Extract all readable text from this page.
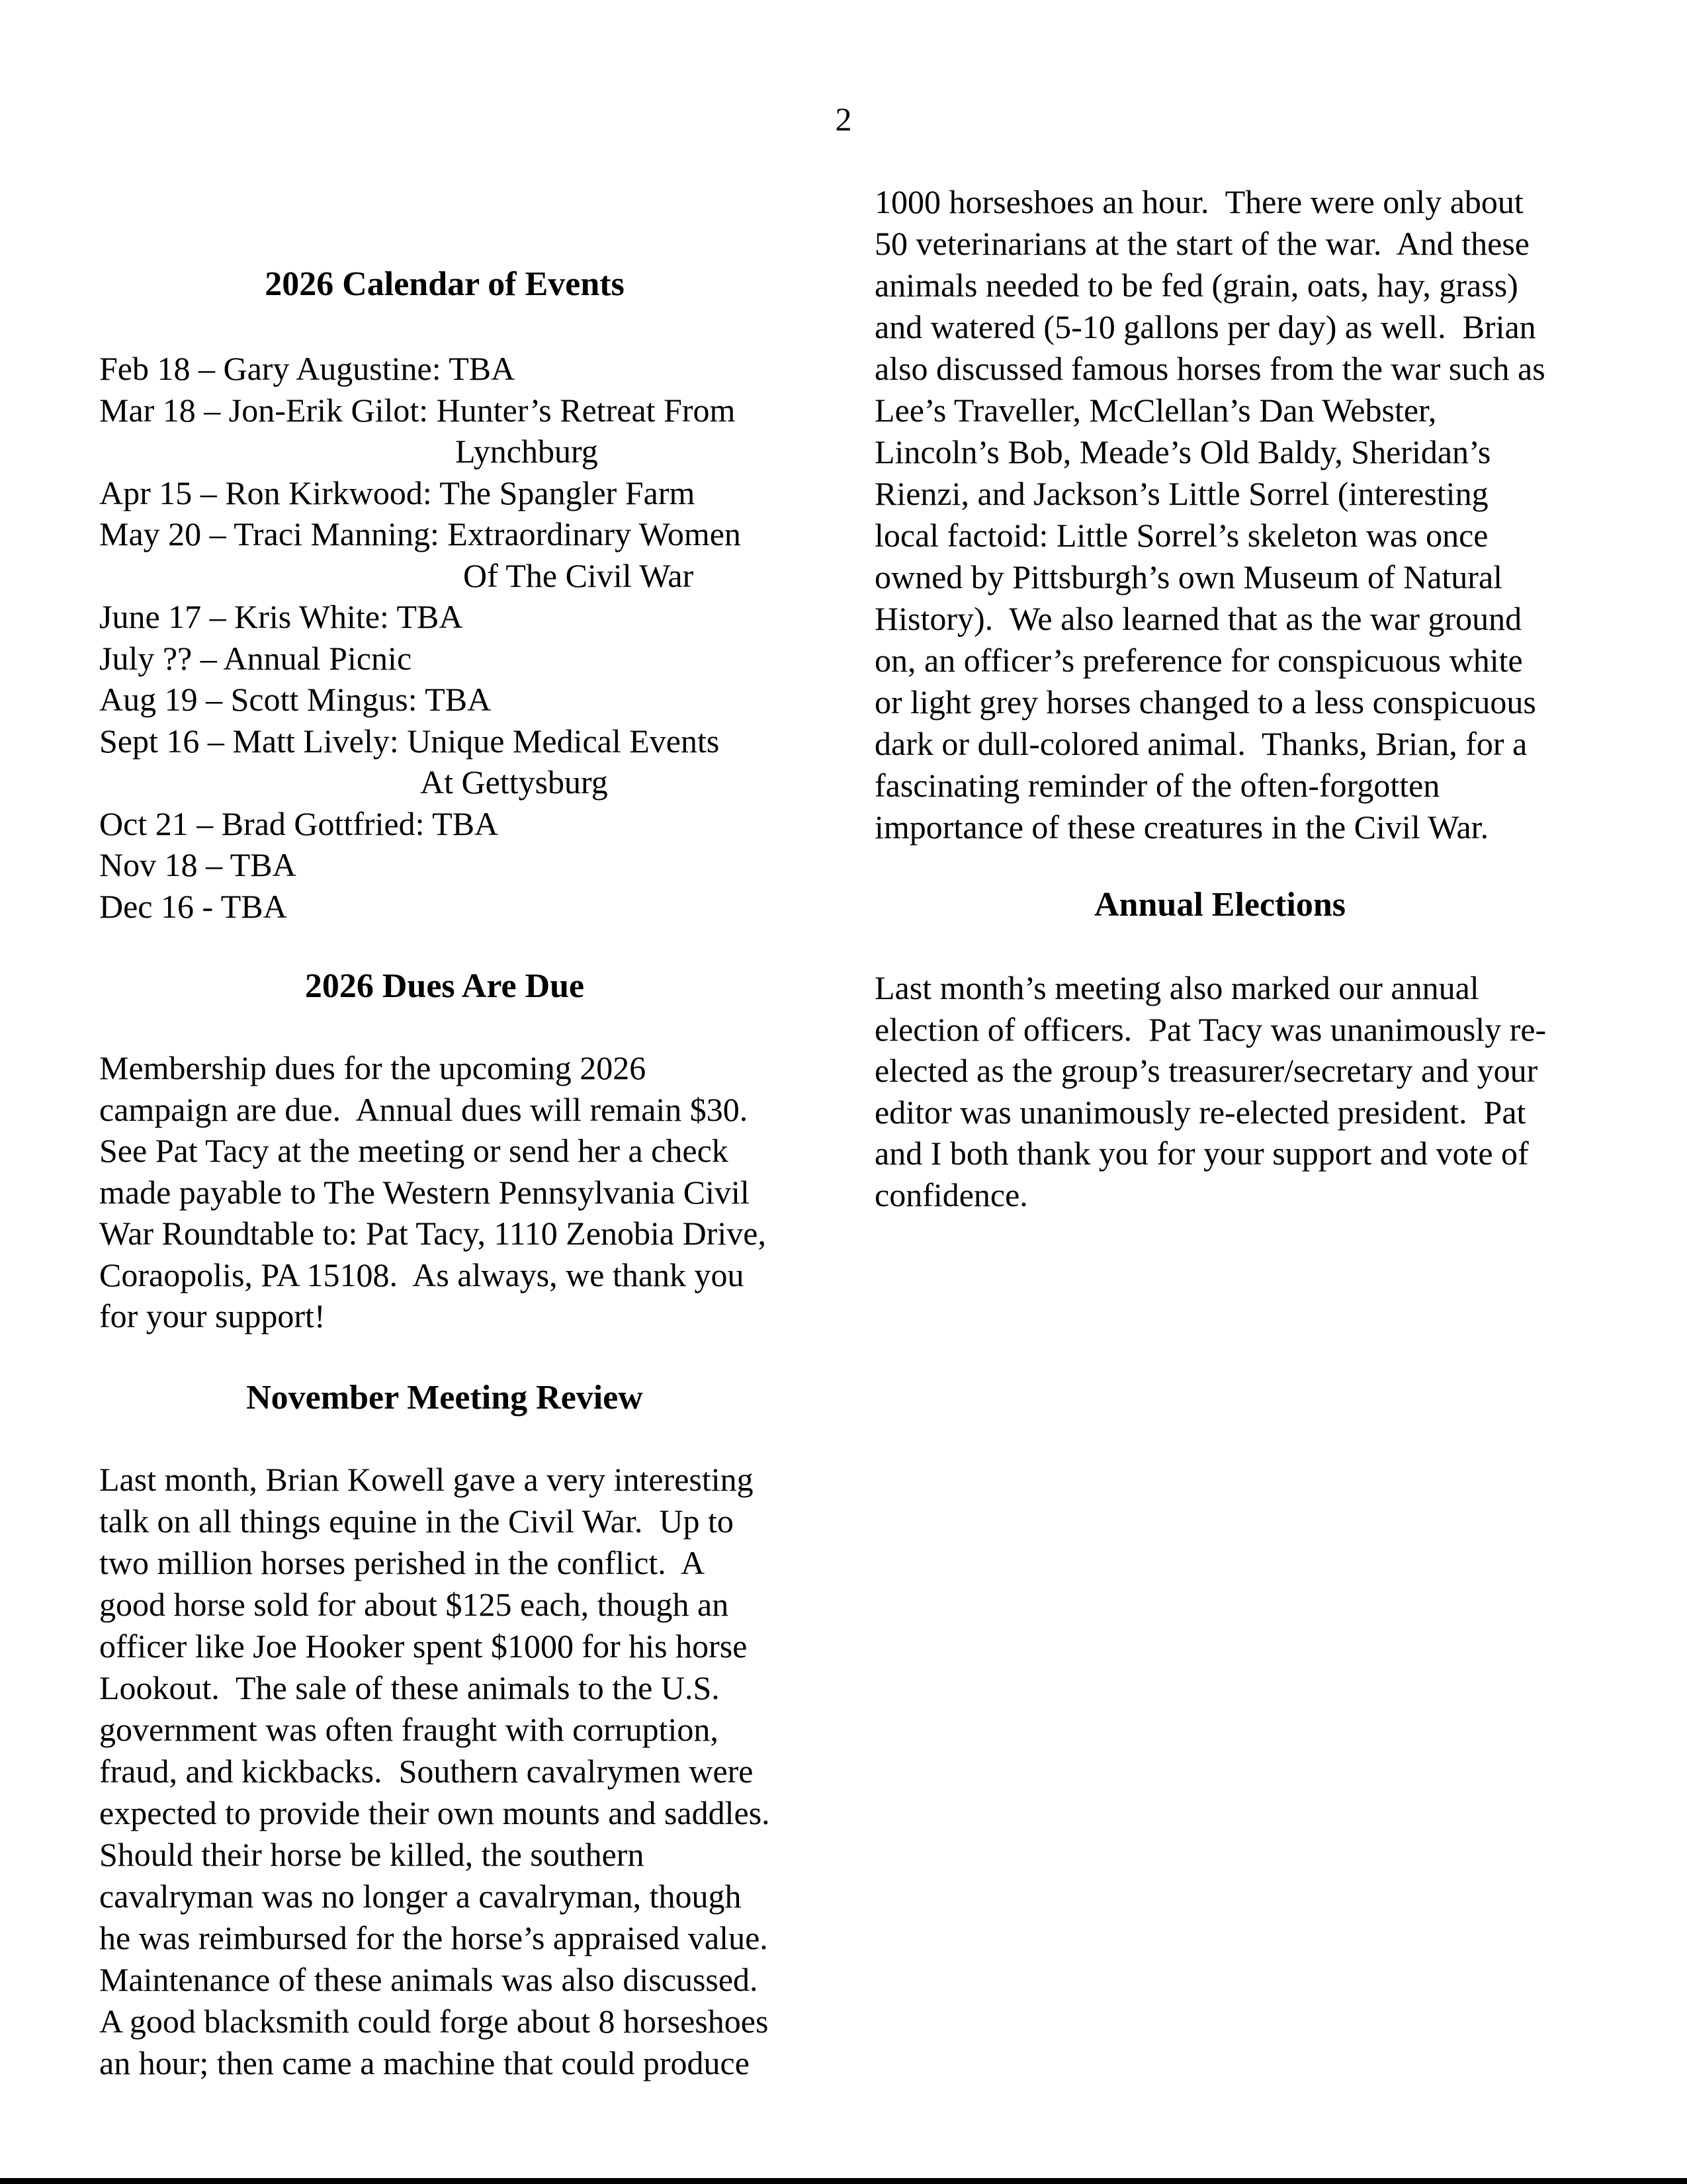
2
2026 Calendar of Events
Feb 18 – Gary Augustine: TBA
Mar 18 – Jon-Erik Gilot: Hunter’s Retreat From
Lynchburg
Apr 15 – Ron Kirkwood: The Spangler Farm
May 20 – Traci Manning: Extraordinary Women
Of The Civil War
June 17 – Kris White: TBA
July ?? – Annual Picnic
Aug 19 – Scott Mingus: TBA
Sept 16 – Matt Lively: Unique Medical Events
At Gettysburg
Oct 21 – Brad Gottfried: TBA
Nov 18 – TBA
Dec 16 - TBA
2026 Dues Are Due
Membership dues for the upcoming 2026
campaign are due.  Annual dues will remain $30.
See Pat Tacy at the meeting or send her a check
made payable to The Western Pennsylvania Civil
War Roundtable to: Pat Tacy, 1110 Zenobia Drive,
Coraopolis, PA 15108.  As always, we thank you
for your support!
November Meeting Review
Last month, Brian Kowell gave a very interesting
talk on all things equine in the Civil War.  Up to
two million horses perished in the conflict.  A
good horse sold for about $125 each, though an
officer like Joe Hooker spent $1000 for his horse
Lookout.  The sale of these animals to the U.S.
government was often fraught with corruption,
fraud, and kickbacks.  Southern cavalrymen were
expected to provide their own mounts and saddles.
Should their horse be killed, the southern
cavalryman was no longer a cavalryman, though
he was reimbursed for the horse’s appraised value.
Maintenance of these animals was also discussed.
A good blacksmith could forge about 8 horseshoes
an hour; then came a machine that could produce
1000 horseshoes an hour.  There were only about
50 veterinarians at the start of the war.  And these
animals needed to be fed (grain, oats, hay, grass)
and watered (5-10 gallons per day) as well.  Brian
also discussed famous horses from the war such as
Lee’s Traveller, McClellan’s Dan Webster,
Lincoln’s Bob, Meade’s Old Baldy, Sheridan’s
Rienzi, and Jackson’s Little Sorrel (interesting
local factoid: Little Sorrel’s skeleton was once
owned by Pittsburgh’s own Museum of Natural
History).  We also learned that as the war ground
on, an officer’s preference for conspicuous white
or light grey horses changed to a less conspicuous
dark or dull-colored animal.  Thanks, Brian, for a
fascinating reminder of the often-forgotten
importance of these creatures in the Civil War.
Annual Elections
Last month’s meeting also marked our annual
election of officers.  Pat Tacy was unanimously re-
elected as the group’s treasurer/secretary and your
editor was unanimously re-elected president.  Pat
and I both thank you for your support and vote of
confidence.
